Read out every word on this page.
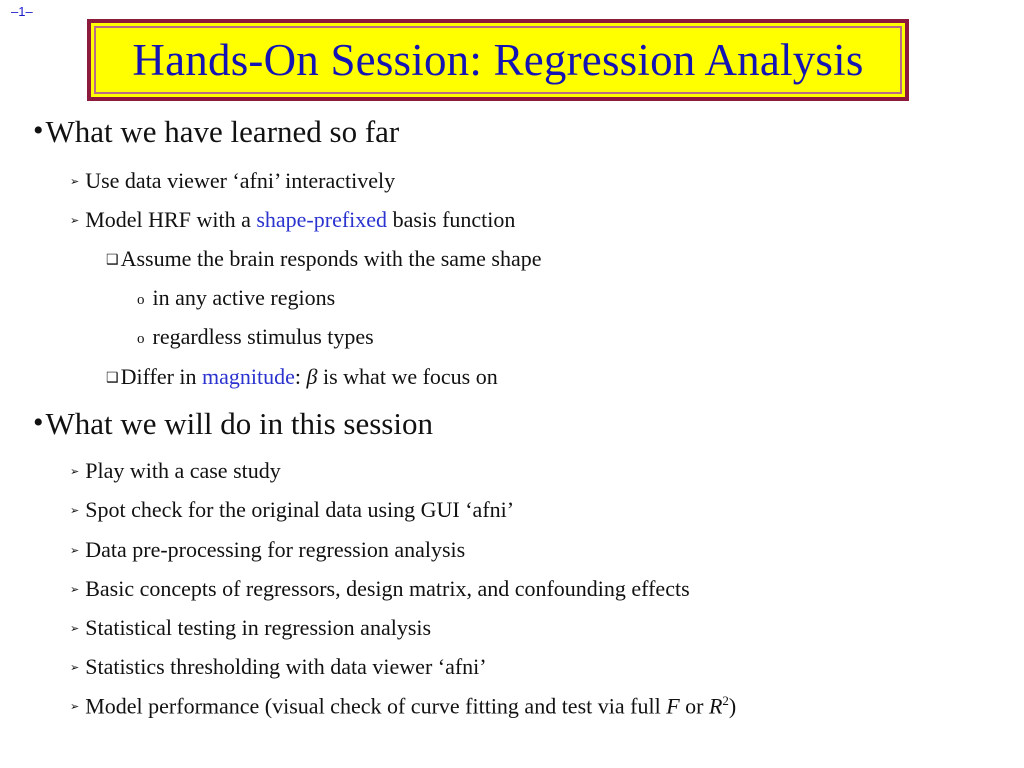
–1–
Hands-On Session: Regression Analysis
•What we have learned so far
➢ Use data viewer ‘afni’ interactively
➢ Model HRF with a shape-prefixed basis function
❑Assume the brain responds with the same shape
o in any active regions
o regardless stimulus types
❑Differ in magnitude: β is what we focus on
•What we will do in this session
➢ Play with a case study
➢ Spot check for the original data using GUI ‘afni’
➢ Data pre-processing for regression analysis
➢ Basic concepts of regressors, design matrix, and confounding effects
➢ Statistical testing in regression analysis
➢ Statistics thresholding with data viewer ‘afni’
➢ Model performance (visual check of curve fitting and test via full F or $R^2$)
